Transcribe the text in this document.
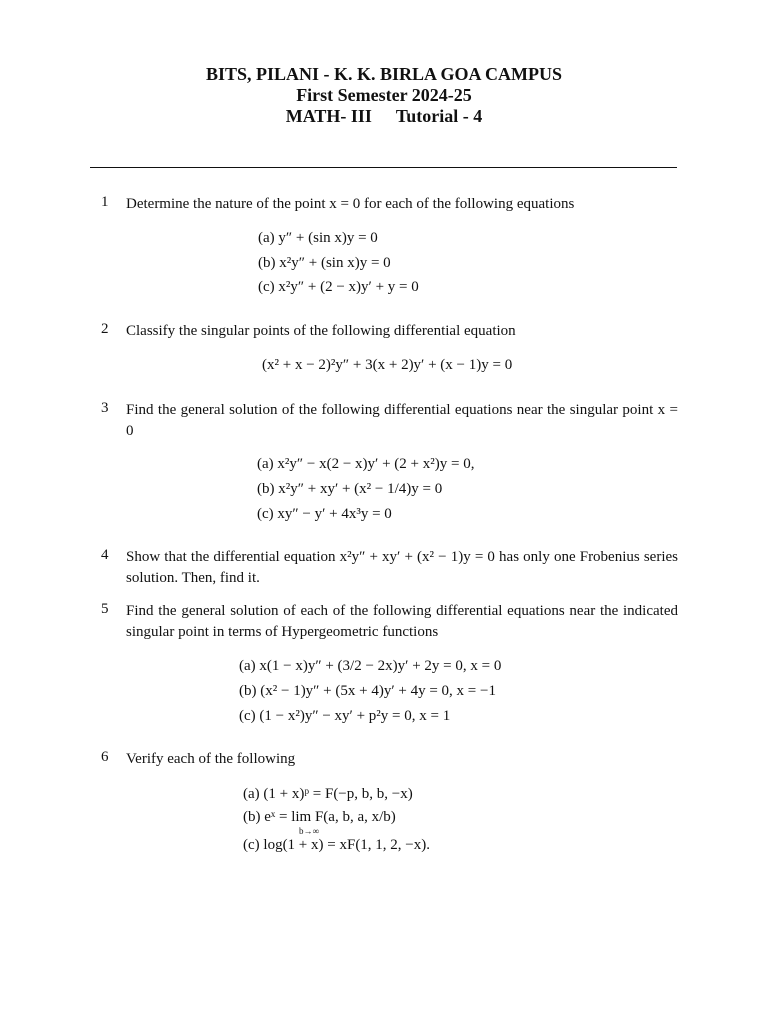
BITS, PILANI - K. K. BIRLA GOA CAMPUS
First Semester 2024-25
MATH- III Tutorial - 4
1 Determine the nature of the point x = 0 for each of the following equations
(a) y″ + (sin x)y = 0
(b) x²y″ + (sin x)y = 0
(c) x²y″ + (2 − x)y′ + y = 0
2 Classify the singular points of the following differential equation
(x² + x − 2)²y″ + 3(x + 2)y′ + (x − 1)y = 0
3 Find the general solution of the following differential equations near the singular point x = 0
(a) x²y″ − x(2 − x)y′ + (2 + x²)y = 0,
(b) x²y″ + xy′ + (x² − 1/4)y = 0
(c) xy″ − y′ + 4x³y = 0
4 Show that the differential equation x²y″ + xy′ + (x² − 1)y = 0 has only one Frobenius series solution. Then, find it.
5 Find the general solution of each of the following differential equations near the indicated singular point in terms of Hypergeometric functions
(a) x(1 − x)y″ + (3/2 − 2x)y′ + 2y = 0, x = 0
(b) (x² − 1)y″ + (5x + 4)y′ + 4y = 0, x = −1
(c) (1 − x²)y″ − xy′ + p²y = 0, x = 1
6 Verify each of the following
(a) (1 + x)ᵖ = F(−p, b, b, −x)
(b) eˣ = lim F(a, b, a, x/b)
b→∞
(c) log(1 + x) = xF(1, 1, 2, −x).
